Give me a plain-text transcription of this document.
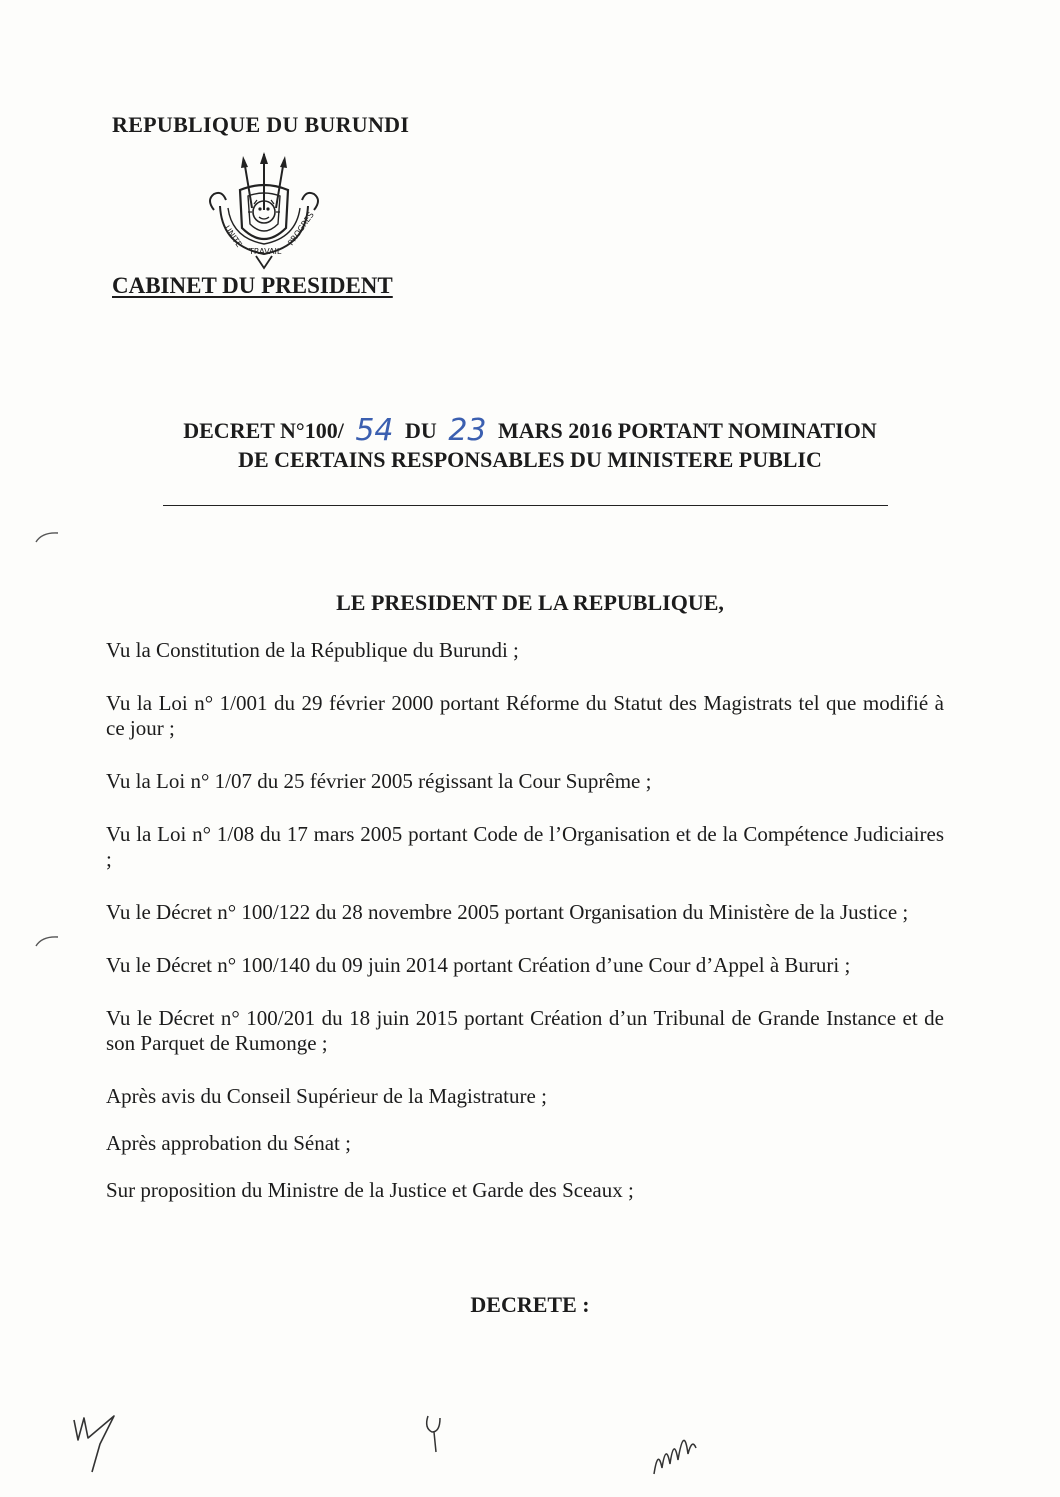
REPUBLIQUE DU BURUNDI
UNITE
TRAVAIL
PROGRES
CABINET DU PRESIDENT
DECRET N°100/ 54 DU 23 MARS 2016 PORTANT NOMINATION
DE CERTAINS RESPONSABLES DU MINISTERE PUBLIC
LE PRESIDENT DE LA REPUBLIQUE,

Vu la Constitution de la République du Burundi ;

Vu la Loi n° 1/001 du 29 février 2000 portant Réforme du Statut des Magistrats tel que modifié à ce jour ;

Vu la Loi n° 1/07 du 25 février 2005 régissant la Cour Suprême ;

Vu la Loi n° 1/08 du 17 mars 2005 portant Code de l’Organisation et de la Compétence Judiciaires ;

Vu le Décret n° 100/122 du 28 novembre 2005 portant Organisation du Ministère de la Justice ;

Vu le Décret n° 100/140 du 09 juin 2014 portant Création d’une Cour d’Appel à Bururi ;

Vu le Décret n° 100/201 du 18 juin 2015 portant Création d’un Tribunal de Grande Instance et de son Parquet de Rumonge ;

Après avis du Conseil Supérieur de la Magistrature ;

Après approbation du Sénat ;

Sur proposition du Ministre de la Justice et Garde des Sceaux ;

DECRETE :
